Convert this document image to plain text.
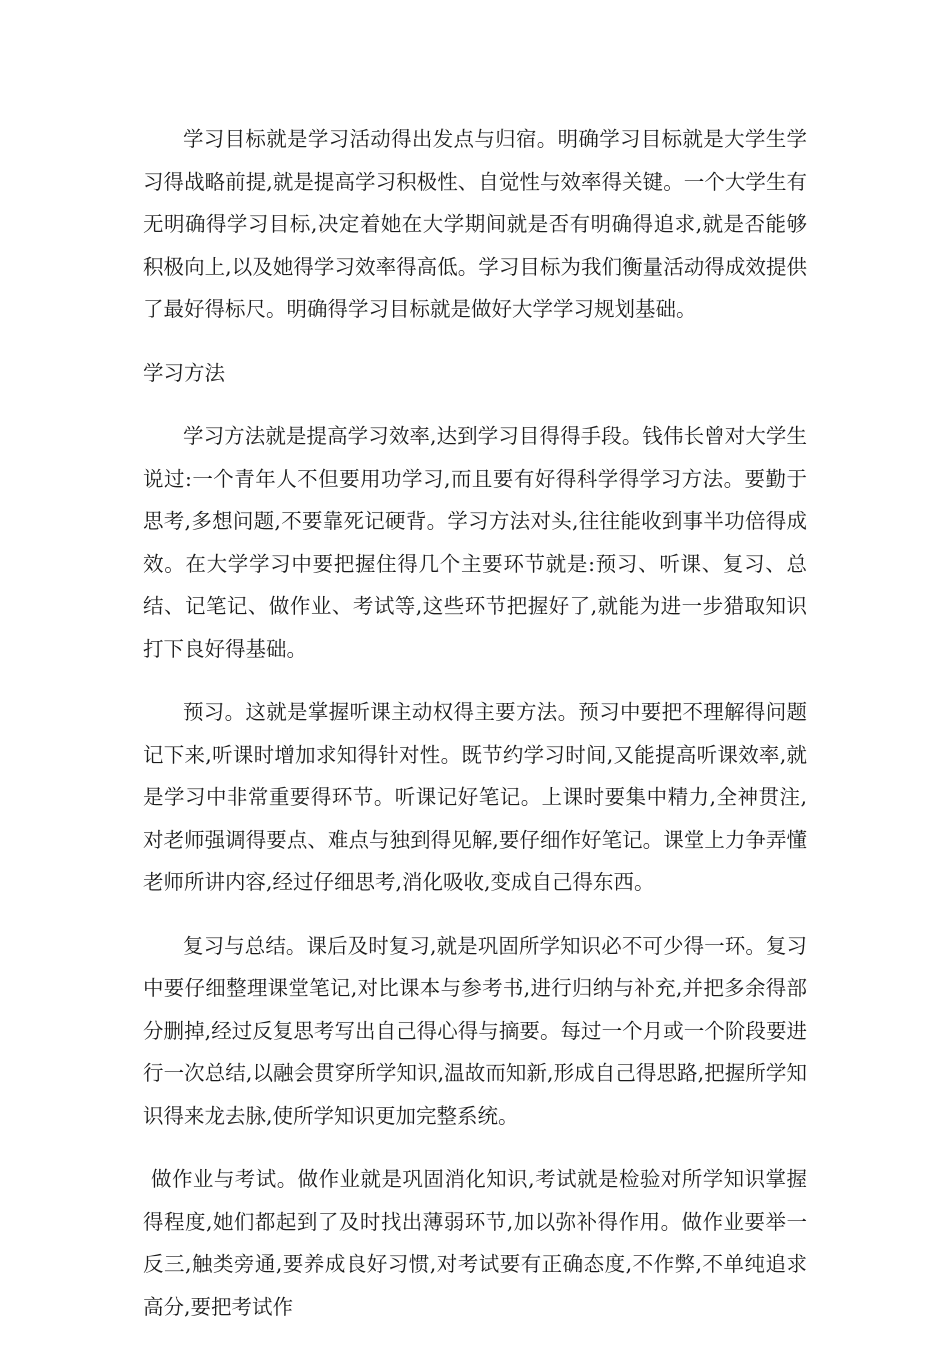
学习目标就是学习活动得出发点与归宿。明确学习目标就是大学生学习得战略前提,就是提高学习积极性、自觉性与效率得关键。一个大学生有无明确得学习目标,决定着她在大学期间就是否有明确得追求,就是否能够积极向上,以及她得学习效率得高低。学习目标为我们衡量活动得成效提供了最好得标尺。明确得学习目标就是做好大学学习规划基础。

学习方法

学习方法就是提高学习效率,达到学习目得得手段。钱伟长曾对大学生说过:一个青年人不但要用功学习,而且要有好得科学得学习方法。要勤于思考,多想问题,不要靠死记硬背。学习方法对头,往往能收到事半功倍得成效。在大学学习中要把握住得几个主要环节就是:预习、听课、复习、总结、记笔记、做作业、考试等,这些环节把握好了,就能为进一步猎取知识打下良好得基础。

预习。这就是掌握听课主动权得主要方法。预习中要把不理解得问题记下来,听课时增加求知得针对性。既节约学习时间,又能提高听课效率,就是学习中非常重要得环节。听课记好笔记。上课时要集中精力,全神贯注,对老师强调得要点、难点与独到得见解,要仔细作好笔记。课堂上力争弄懂老师所讲内容,经过仔细思考,消化吸收,变成自己得东西。

复习与总结。课后及时复习,就是巩固所学知识必不可少得一环。复习中要仔细整理课堂笔记,对比课本与参考书,进行归纳与补充,并把多余得部分删掉,经过反复思考写出自己得心得与摘要。每过一个月或一个阶段要进行一次总结,以融会贯穿所学知识,温故而知新,形成自己得思路,把握所学知识得来龙去脉,使所学知识更加完整系统。

做作业与考试。做作业就是巩固消化知识,考试就是检验对所学知识掌握得程度,她们都起到了及时找出薄弱环节,加以弥补得作用。做作业要举一反三,触类旁通,要养成良好习惯,对考试要有正确态度,不作弊,不单纯追求高分,要把考试作
